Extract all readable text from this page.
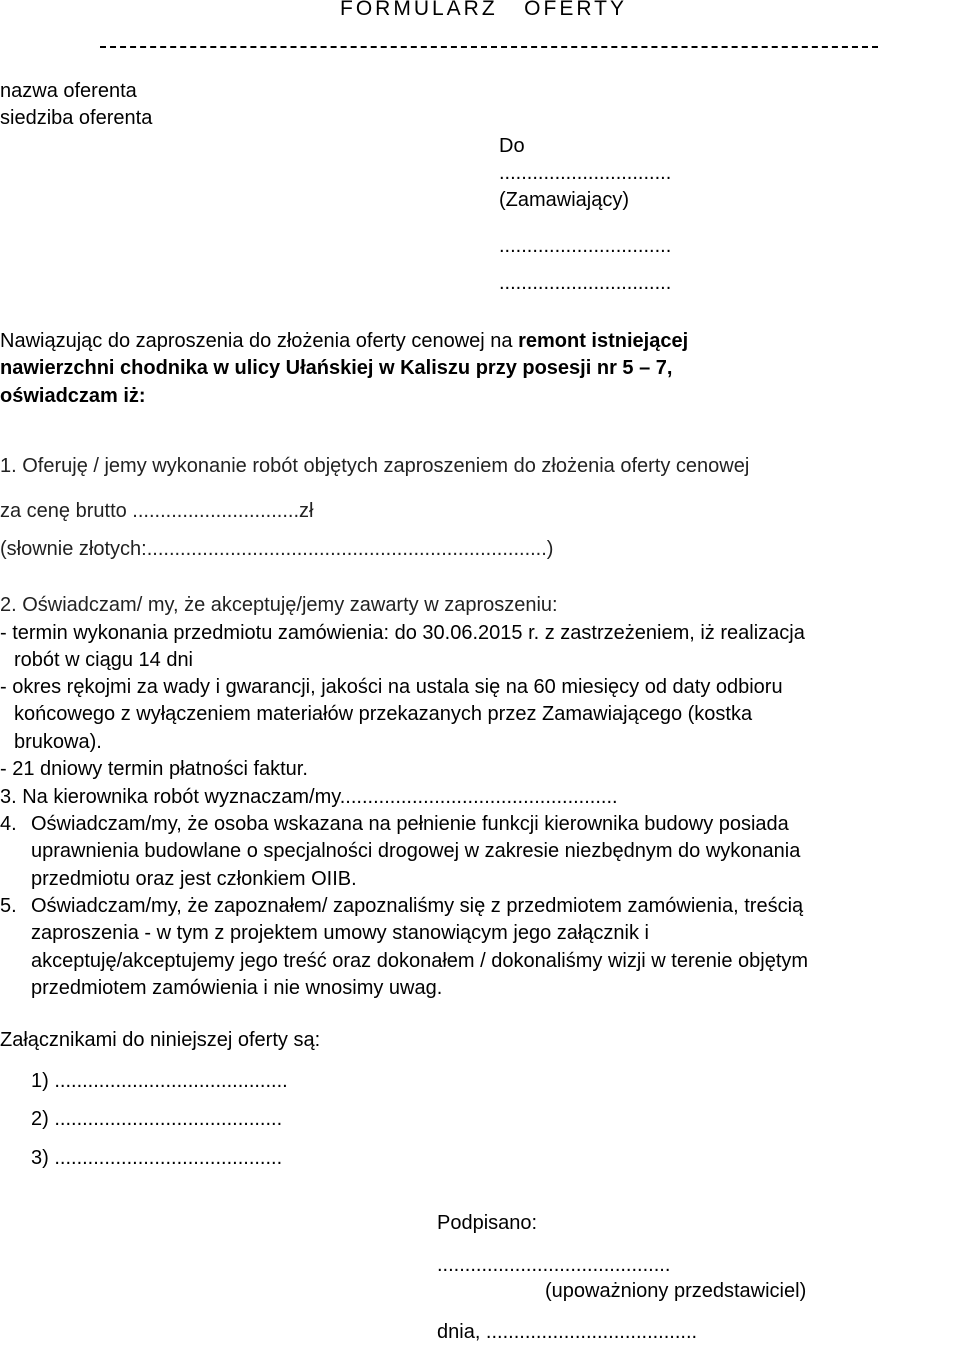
FORMULARZ   OFERTY
nazwa oferenta
siedziba oferenta
Do
...............................
(Zamawiający)
...............................
...............................
Nawiązując do zaproszenia do złożenia oferty cenowej na remont istniejącej
nawierzchni chodnika w ulicy Ułańskiej w Kaliszu przy posesji nr 5 – 7,
oświadczam iż:
1. Oferuję / jemy wykonanie robót objętych zaproszeniem do złożenia oferty cenowej
za cenę brutto ..............................zł
(słownie złotych:........................................................................)
2. Oświadczam/ my, że akceptuję/jemy zawarty w zaproszeniu:
- termin wykonania przedmiotu zamówienia: do 30.06.2015 r. z zastrzeżeniem, iż realizacja
robót w ciągu 14 dni
- okres rękojmi za wady i gwarancji, jakości na ustala się na 60 miesięcy od daty odbioru
końcowego z wyłączeniem materiałów przekazanych przez Zamawiającego (kostka
brukowa).
- 21 dniowy termin płatności faktur.
3. Na kierownika robót wyznaczam/my..................................................
4. Oświadczam/my, że osoba wskazana na pełnienie funkcji kierownika budowy posiada
uprawnienia budowlane o specjalności drogowej w zakresie niezbędnym do wykonania
przedmiotu oraz jest członkiem OIIB.
5. Oświadczam/my, że zapoznałem/ zapoznaliśmy się z przedmiotem zamówienia, treścią
zaproszenia - w tym z projektem umowy stanowiącym jego załącznik i
akceptuję/akceptujemy jego treść oraz dokonałem / dokonaliśmy wizji w terenie objętym
przedmiotem zamówienia i nie wnosimy uwag.
Załącznikami do niniejszej oferty są:
1) ..........................................
2) .........................................
3) .........................................
Podpisano:
..........................................
(upoważniony przedstawiciel)
dnia, ......................................
